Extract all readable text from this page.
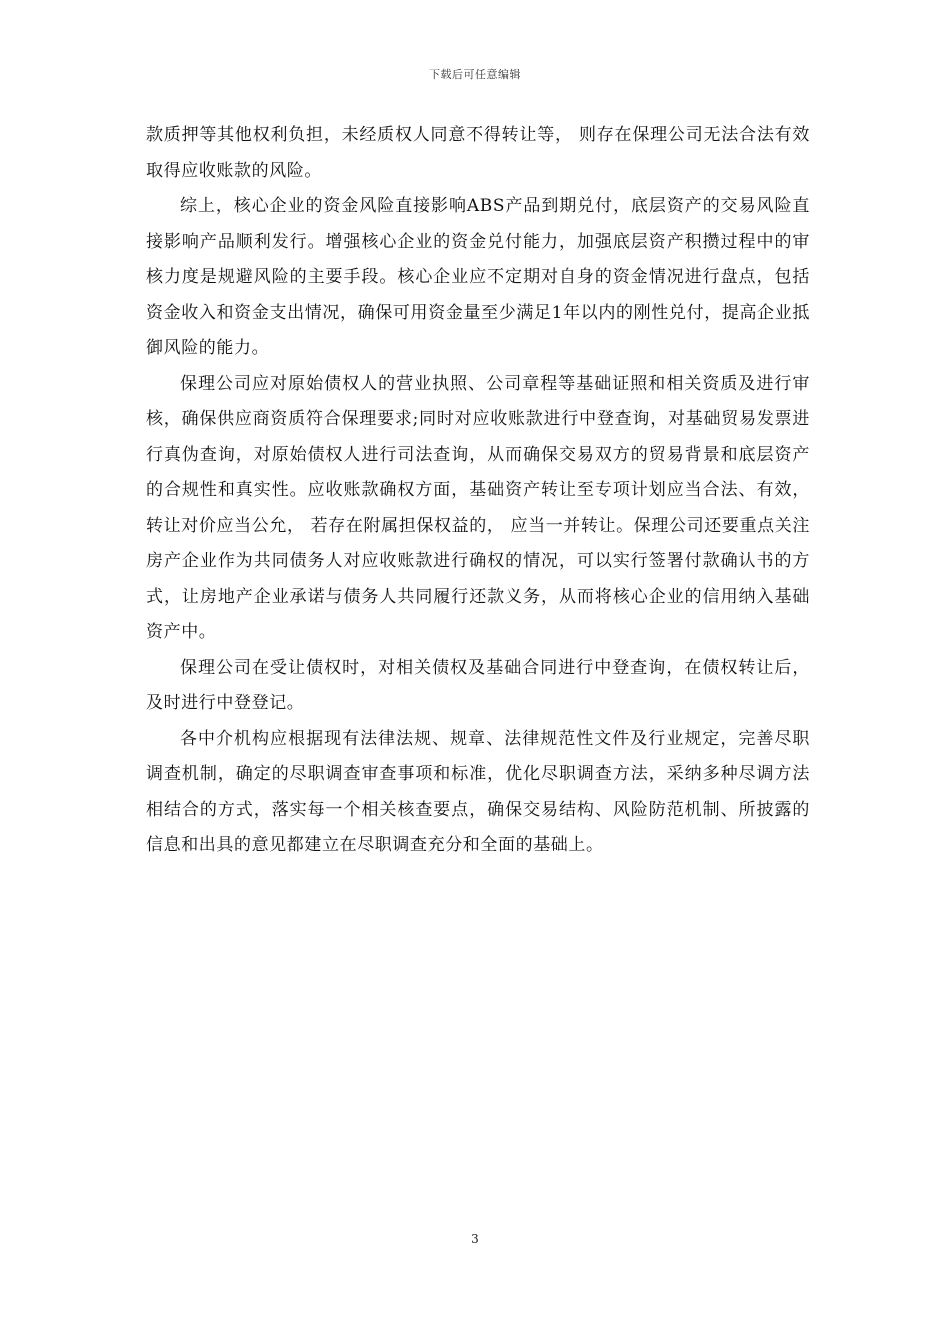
下载后可任意编辑

款质押等其他权利负担，未经质权人同意不得转让等， 则存在保理公司无法合法有效取得应收账款的风险。

综上，核心企业的资金风险直接影响ABS产品到期兑付，底层资产的交易风险直接影响产品顺利发行。增强核心企业的资金兑付能力，加强底层资产积攒过程中的审核力度是规避风险的主要手段。核心企业应不定期对自身的资金情况进行盘点，包括资金收入和资金支出情况，确保可用资金量至少满足1年以内的刚性兑付，提高企业抵御风险的能力。

保理公司应对原始债权人的营业执照、公司章程等基础证照和相关资质及进行审核，确保供应商资质符合保理要求;同时对应收账款进行中登查询，对基础贸易发票进行真伪查询，对原始债权人进行司法查询，从而确保交易双方的贸易背景和底层资产的合规性和真实性。应收账款确权方面，基础资产转让至专项计划应当合法、有效， 转让对价应当公允， 若存在附属担保权益的， 应当一并转让。保理公司还要重点关注房产企业作为共同债务人对应收账款进行确权的情况，可以实行签署付款确认书的方式，让房地产企业承诺与债务人共同履行还款义务，从而将核心企业的信用纳入基础资产中。

保理公司在受让债权时，对相关债权及基础合同进行中登查询，在债权转让后，及时进行中登登记。

各中介机构应根据现有法律法规、规章、法律规范性文件及行业规定，完善尽职调查机制，确定的尽职调查审查事项和标准，优化尽职调查方法，采纳多种尽调方法相结合的方式，落实每一个相关核查要点，确保交易结构、风险防范机制、所披露的信息和出具的意见都建立在尽职调查充分和全面的基础上。

3
